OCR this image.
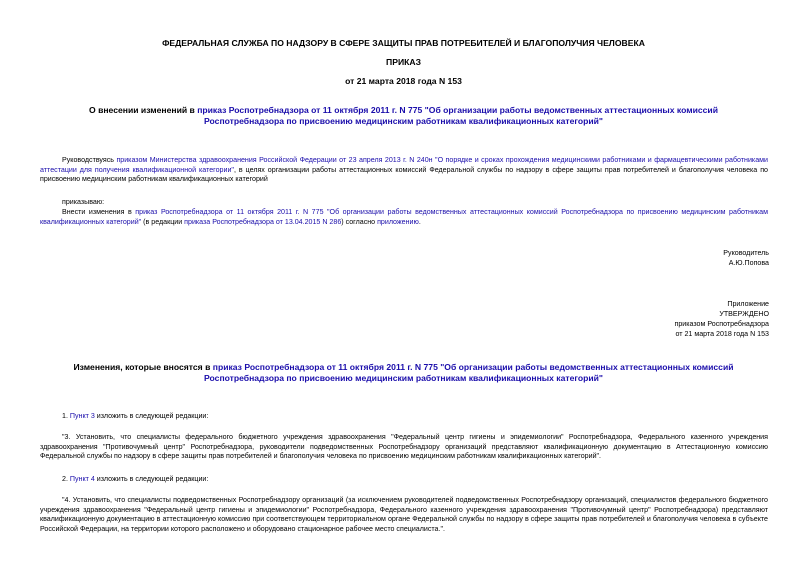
ФЕДЕРАЛЬНАЯ СЛУЖБА ПО НАДЗОРУ В СФЕРЕ ЗАЩИТЫ ПРАВ ПОТРЕБИТЕЛЕЙ И БЛАГОПОЛУЧИЯ ЧЕЛОВЕКА
ПРИКАЗ
от 21 марта 2018 года N 153
О внесении изменений в приказ Роспотребнадзора от 11 октября 2011 г. N 775 "Об организации работы ведомственных аттестационных комиссий Роспотребнадзора по присвоению медицинским работникам квалификационных категорий"
Руководствуясь приказом Министерства здравоохранения Российской Федерации от 23 апреля 2013 г. N 240н "О порядке и сроках прохождения медицинскими работниками и фармацевтическими работниками аттестации для получения квалификационной категории", в целях организации работы аттестационных комиссий Федеральной службы по надзору в сфере защиты прав потребителей и благополучия человека по присвоению медицинским работникам квалификационных категорий
приказываю:
Внести изменения в приказ Роспотребнадзора от 11 октября 2011 г. N 775 "Об организации работы ведомственных аттестационных комиссий Роспотребнадзора по присвоению медицинским работникам квалификационных категорий" (в редакции приказа Роспотребнадзора от 13.04.2015 N 286) согласно приложению.
Руководитель
А.Ю.Попова
Приложение
УТВЕРЖДЕНО
приказом Роспотребнадзора
от 21 марта 2018 года N 153
Изменения, которые вносятся в приказ Роспотребнадзора от 11 октября 2011 г. N 775 "Об организации работы ведомственных аттестационных комиссий Роспотребнадзора по присвоению медицинским работникам квалификационных категорий"
1. Пункт 3 изложить в следующей редакции:
"3. Установить, что специалисты федерального бюджетного учреждения здравоохранения "Федеральный центр гигиены и эпидемиологии" Роспотребнадзора, Федерального казенного учреждения здравоохранения "Противочумный центр" Роспотребнадзора, руководители подведомственных Роспотребнадзору организаций представляют квалификационную документацию в Аттестационную комиссию Федеральной службы по надзору в сфере защиты прав потребителей и благополучия человека по присвоению медицинским работникам квалификационных категорий".
2. Пункт 4 изложить в следующей редакции:
"4. Установить, что специалисты подведомственных Роспотребнадзору организаций (за исключением руководителей подведомственных Роспотребнадзору организаций, специалистов федерального бюджетного учреждения здравоохранения "Федеральный центр гигиены и эпидемиологии" Роспотребнадзора, Федерального казенного учреждения здравоохранения "Противочумный центр" Роспотребнадзора) представляют квалификационную документацию в аттестационную комиссию при соответствующем территориальном органе Федеральной службы по надзору в сфере защиты прав потребителей и благополучия человека в субъекте Российской Федерации, на территории которого расположено и оборудовано стационарное рабочее место специалиста.".
